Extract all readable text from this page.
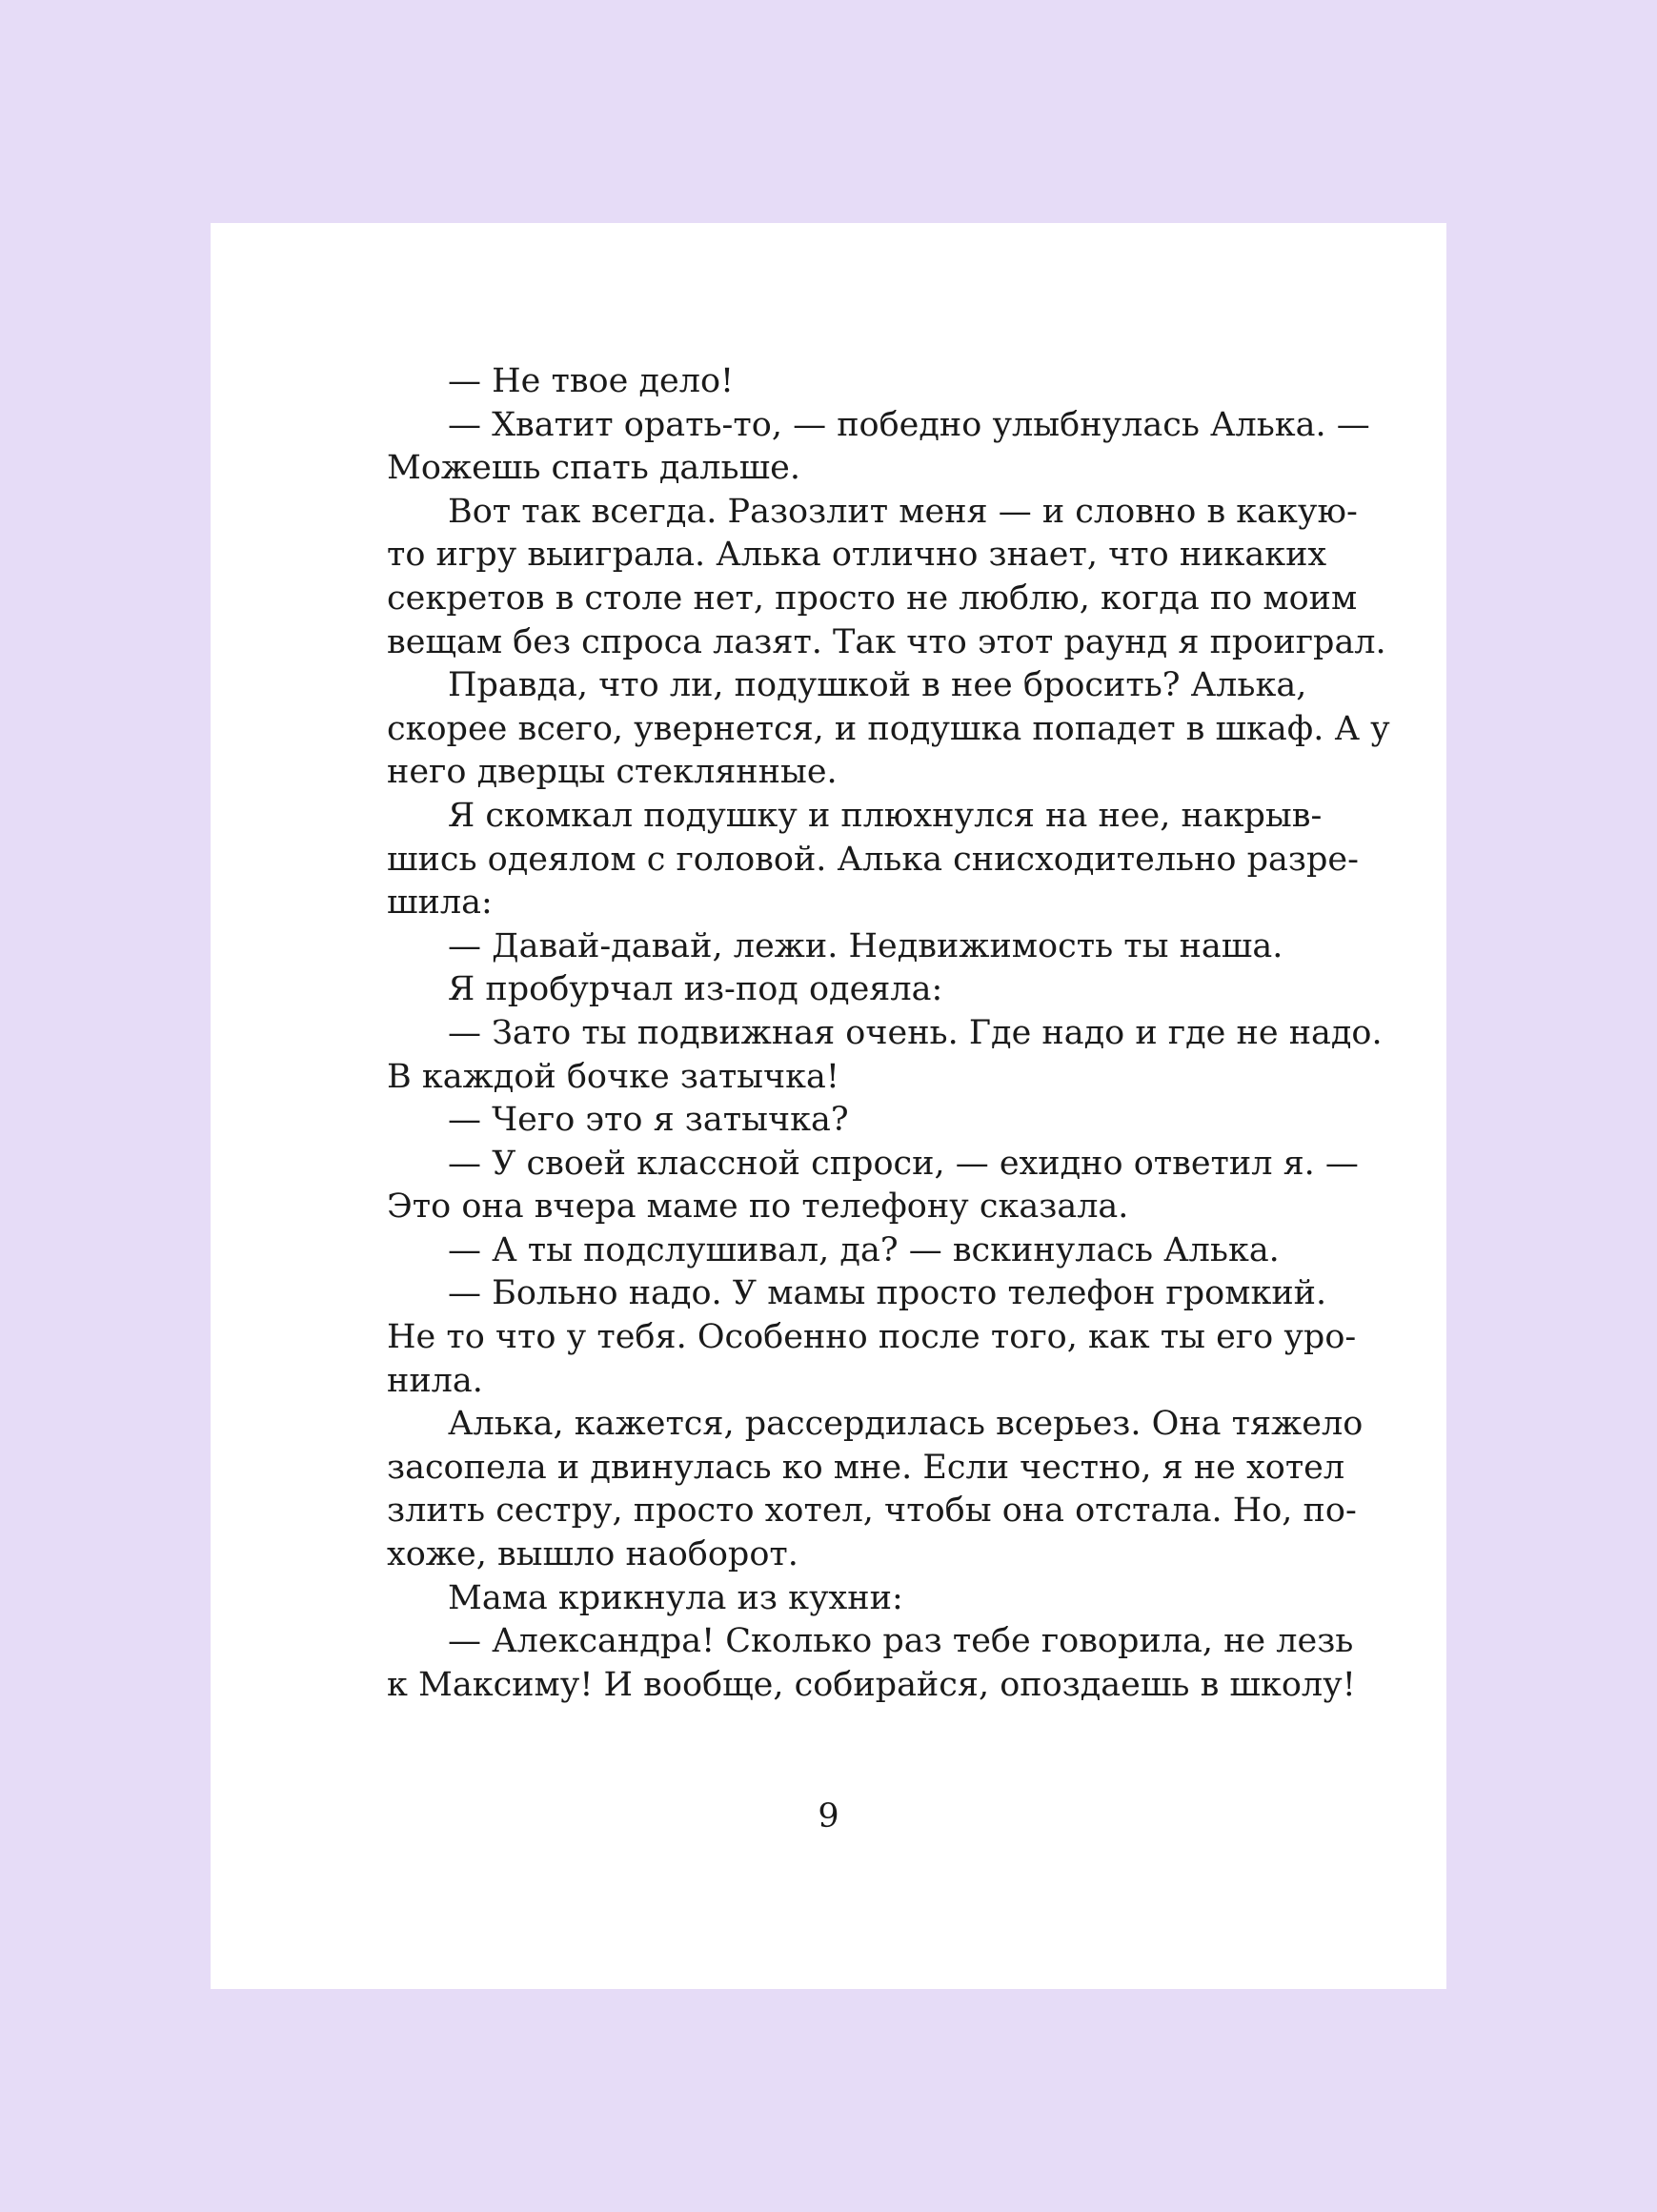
— Не твое дело!
— Хватит орать-то, — победно улыбнулась Алька. —
Можешь спать дальше.
Вот так всегда. Разозлит меня — и словно в какую-
то игру выиграла. Алька отлично знает, что никаких
секретов в столе нет, просто не люблю, когда по моим
вещам без спроса лазят. Так что этот раунд я проиграл.
Правда, что ли, подушкой в нее бросить? Алька,
скорее всего, увернется, и подушка попадет в шкаф. А у
него дверцы стеклянные.
Я скомкал подушку и плюхнулся на нее, накрыв-
шись одеялом с головой. Алька снисходительно разре-
шила:
— Давай-давай, лежи. Недвижимость ты наша.
Я пробурчал из-под одеяла:
— Зато ты подвижная очень. Где надо и где не надо.
В каждой бочке затычка!
— Чего это я затычка?
— У своей классной спроси, — ехидно ответил я. —
Это она вчера маме по телефону сказала.
— А ты подслушивал, да? — вскинулась Алька.
— Больно надо. У мамы просто телефон громкий.
Не то что у тебя. Особенно после того, как ты его уро-
нила.
Алька, кажется, рассердилась всерьез. Она тяжело
засопела и двинулась ко мне. Если честно, я не хотел
злить сестру, просто хотел, чтобы она отстала. Но, по-
хоже, вышло наоборот.
Мама крикнула из кухни:
— Александра! Сколько раз тебе говорила, не лезь
к Максиму! И вообще, собирайся, опоздаешь в школу!
9
